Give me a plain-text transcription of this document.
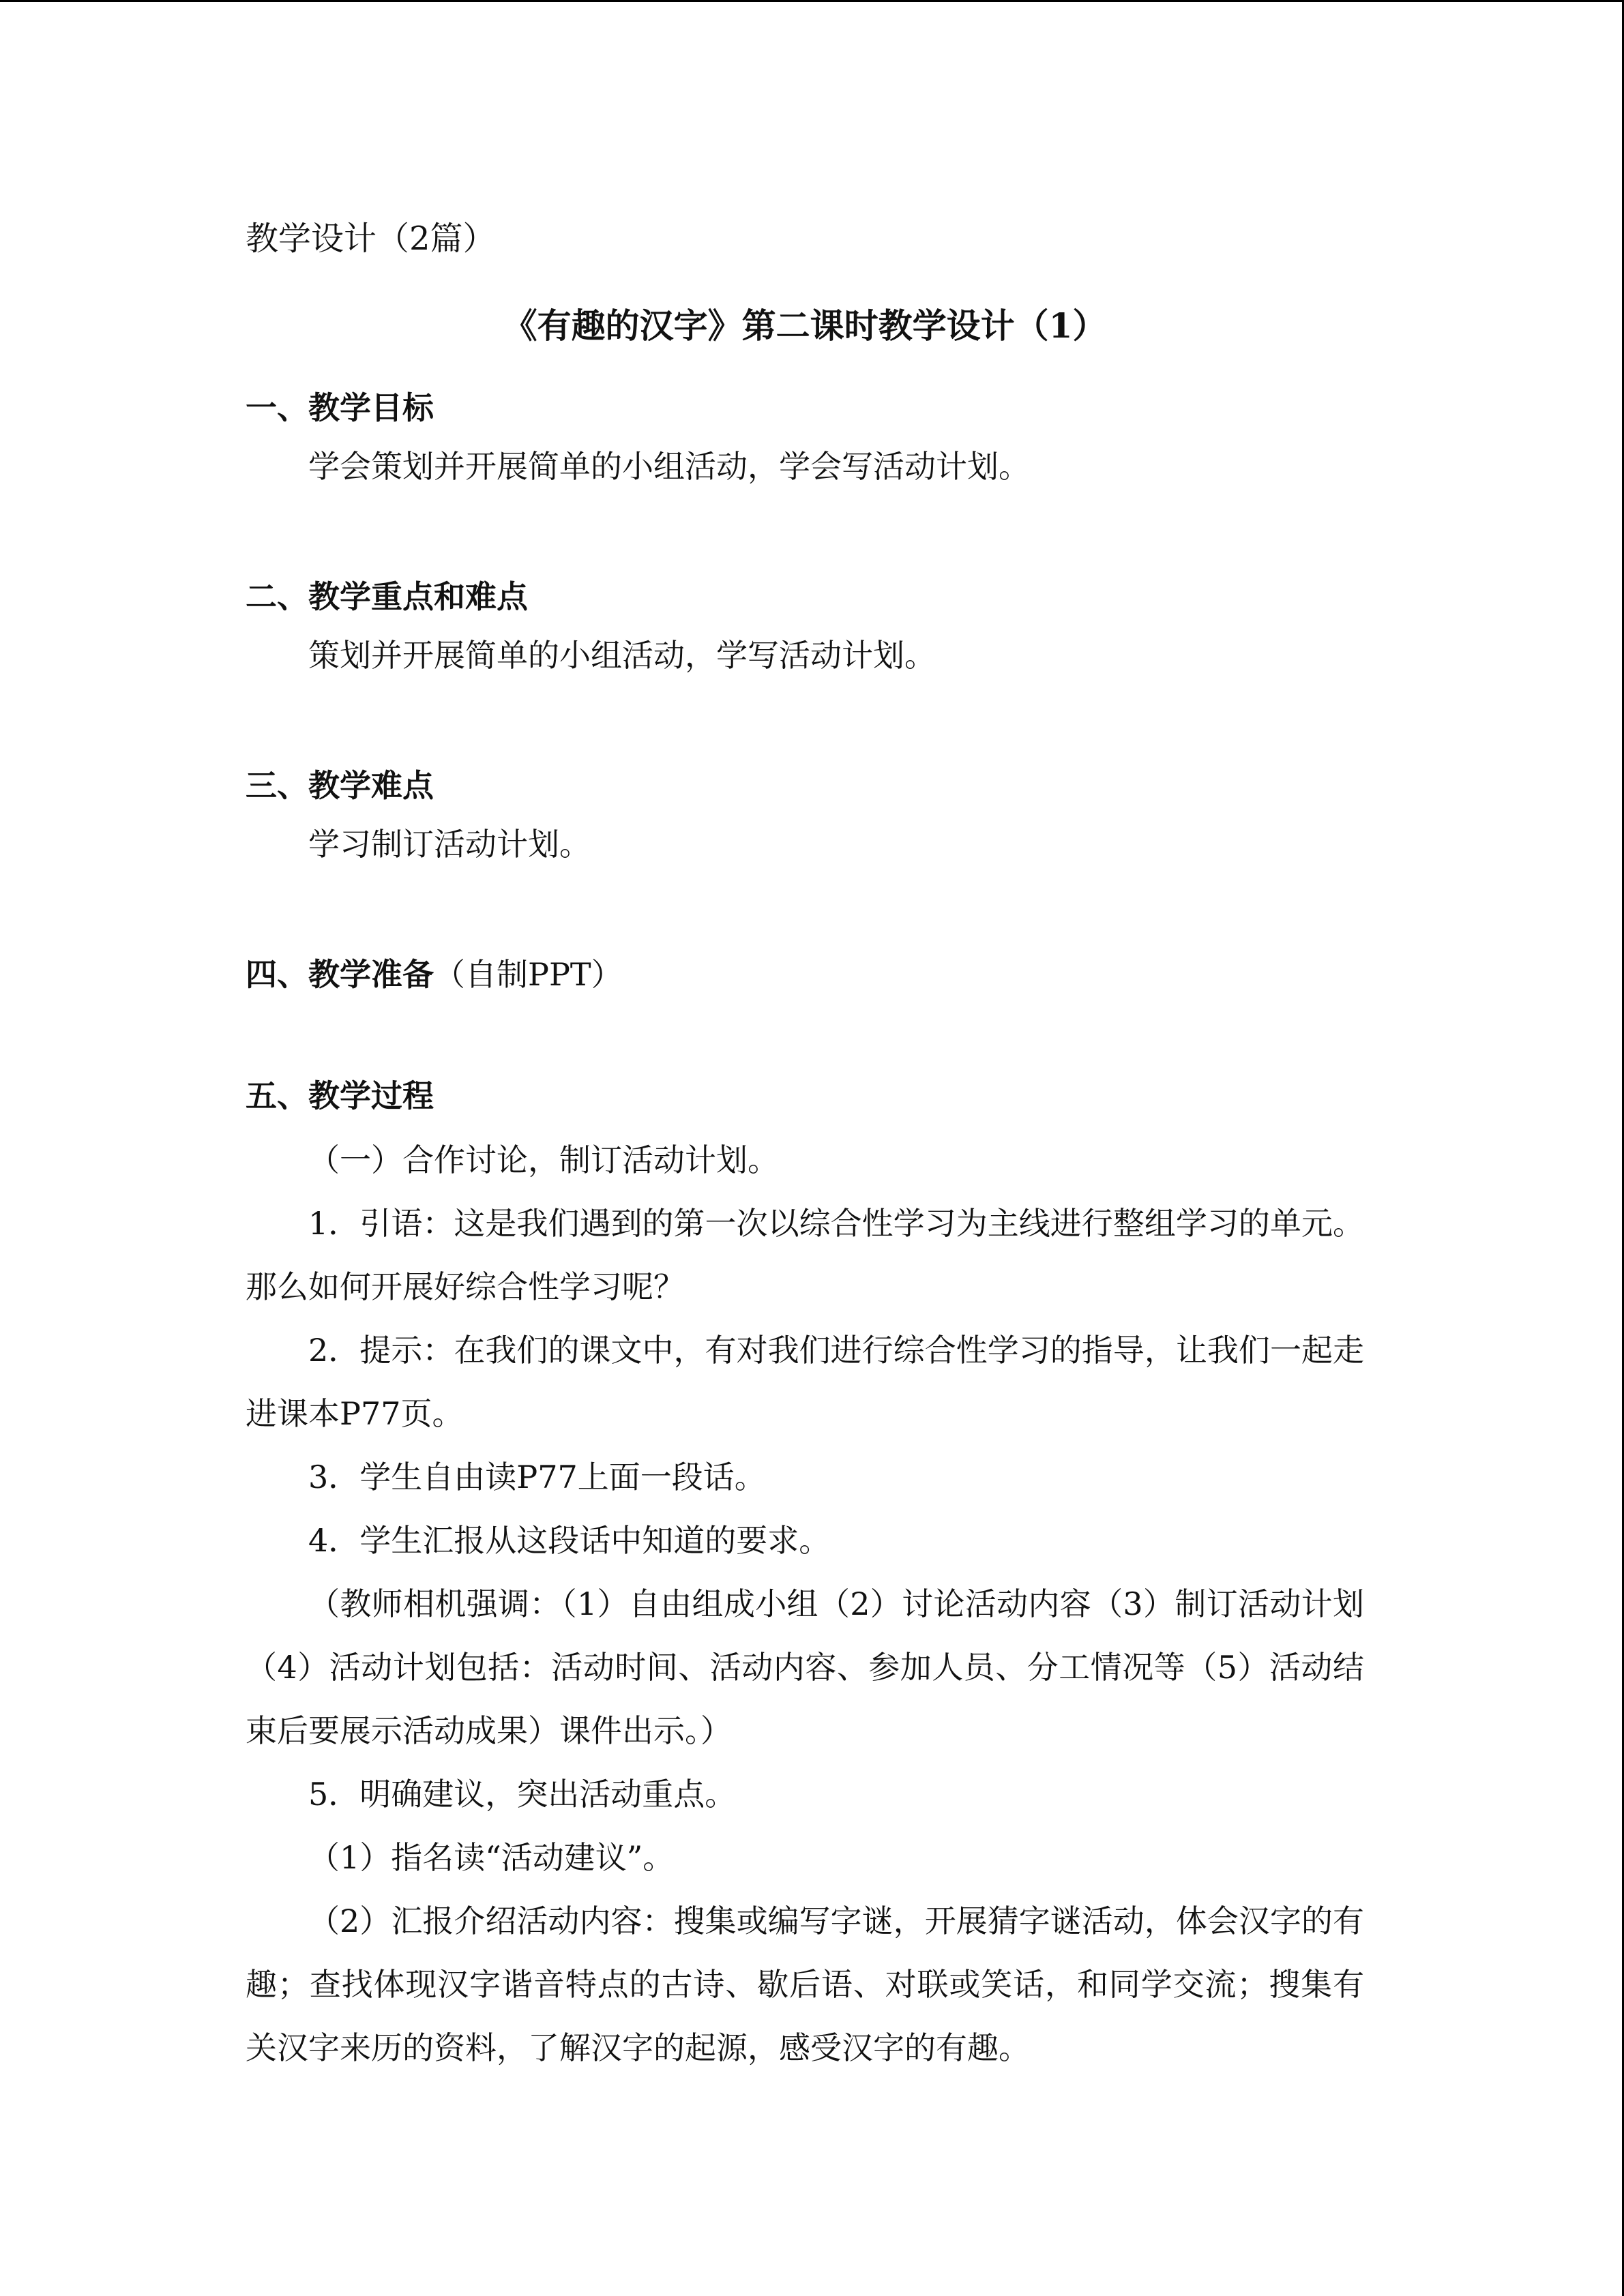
教学设计（2篇）
《有趣的汉字》第二课时教学设计（1）
一、教学目标
学会策划并开展简单的小组活动，学会写活动计划。
二、教学重点和难点
策划并开展简单的小组活动，学写活动计划。
三、教学难点
学习制订活动计划。
四、教学准备（自制PPT）
五、教学过程
（一）合作讨论，制订活动计划。
1．引语：这是我们遇到的第一次以综合性学习为主线进行整组学习的单元。那么如何开展好综合性学习呢？
2．提示：在我们的课文中，有对我们进行综合性学习的指导，让我们一起走进课本P77页。
3．学生自由读P77上面一段话。
4．学生汇报从这段话中知道的要求。
（教师相机强调：（1）自由组成小组（2）讨论活动内容（3）制订活动计划（4）活动计划包括：活动时间、活动内容、参加人员、分工情况等（5）活动结束后要展示活动成果）课件出示。）
5．明确建议，突出活动重点。
（1）指名读“活动建议”。
（2）汇报介绍活动内容：搜集或编写字谜，开展猜字谜活动，体会汉字的有趣；查找体现汉字谐音特点的古诗、歇后语、对联或笑话，和同学交流；搜集有关汉字来历的资料，了解汉字的起源，感受汉字的有趣。
